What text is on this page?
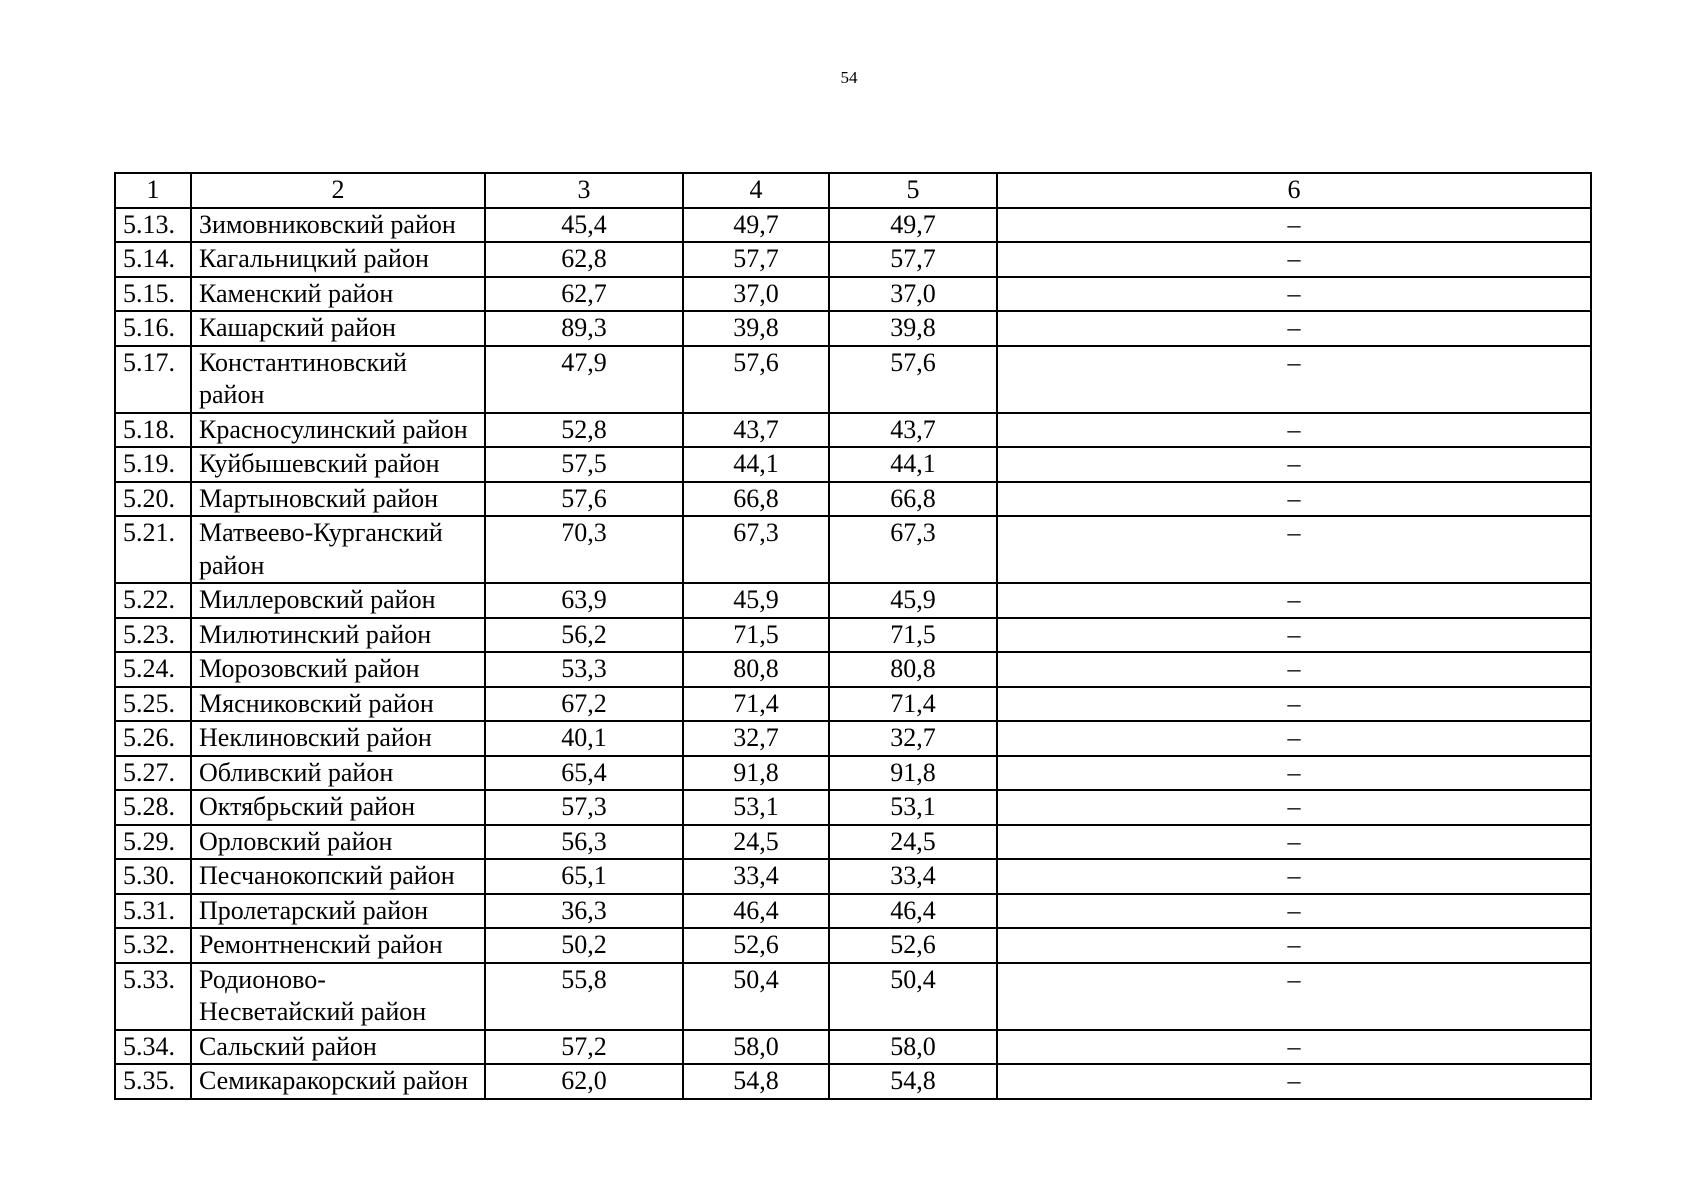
54
1	2	3	4	5	6
5.13.	Зимовниковский район	45,4	49,7	49,7	–
5.14.	Кагальницкий район	62,8	57,7	57,7	–
5.15.	Каменский район	62,7	37,0	37,0	–
5.16.	Кашарский район	89,3	39,8	39,8	–
5.17.	Константиновский район	47,9	57,6	57,6	–
5.18.	Красносулинский район	52,8	43,7	43,7	–
5.19.	Куйбышевский район	57,5	44,1	44,1	–
5.20.	Мартыновский район	57,6	66,8	66,8	–
5.21.	Матвеево-Курганский район	70,3	67,3	67,3	–
5.22.	Миллеровский район	63,9	45,9	45,9	–
5.23.	Милютинский район	56,2	71,5	71,5	–
5.24.	Морозовский район	53,3	80,8	80,8	–
5.25.	Мясниковский район	67,2	71,4	71,4	–
5.26.	Неклиновский район	40,1	32,7	32,7	–
5.27.	Обливский район	65,4	91,8	91,8	–
5.28.	Октябрьский район	57,3	53,1	53,1	–
5.29.	Орловский район	56,3	24,5	24,5	–
5.30.	Песчанокопский район	65,1	33,4	33,4	–
5.31.	Пролетарский район	36,3	46,4	46,4	–
5.32.	Ремонтненский район	50,2	52,6	52,6	–
5.33.	Родионово-Несветайский район	55,8	50,4	50,4	–
5.34.	Сальский район	57,2	58,0	58,0	–
5.35.	Семикаракорский район	62,0	54,8	54,8	–
